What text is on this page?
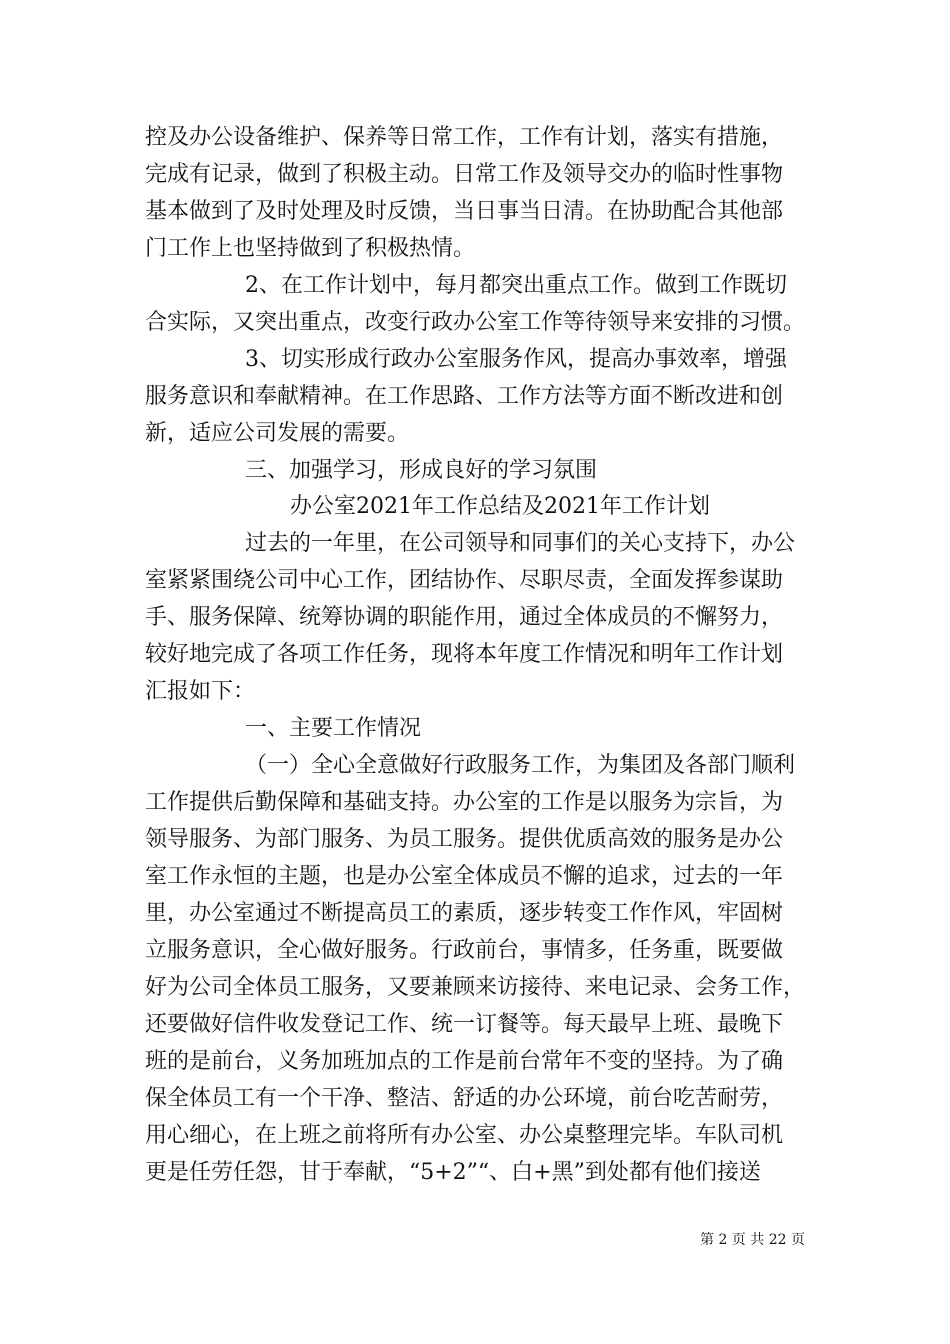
控及办公设备维护、保养等日常工作，工作有计划，落实有措施，
完成有记录，做到了积极主动。日常工作及领导交办的临时性事物
基本做到了及时处理及时反馈，当日事当日清。在协助配合其他部
门工作上也坚持做到了积极热情。
2、在工作计划中，每月都突出重点工作。做到工作既切
合实际，又突出重点，改变行政办公室工作等待领导来安排的习惯。
3、切实形成行政办公室服务作风，提高办事效率，增强
服务意识和奉献精神。在工作思路、工作方法等方面不断改进和创
新，适应公司发展的需要。
三、加强学习，形成良好的学习氛围
办公室2021年工作总结及2021年工作计划
过去的一年里，在公司领导和同事们的关心支持下，办公
室紧紧围绕公司中心工作，团结协作、尽职尽责，全面发挥参谋助
手、服务保障、统筹协调的职能作用，通过全体成员的不懈努力，
较好地完成了各项工作任务，现将本年度工作情况和明年工作计划
汇报如下：
一、主要工作情况
（一）全心全意做好行政服务工作，为集团及各部门顺利
工作提供后勤保障和基础支持。办公室的工作是以服务为宗旨，为
领导服务、为部门服务、为员工服务。提供优质高效的服务是办公
室工作永恒的主题，也是办公室全体成员不懈的追求，过去的一年
里，办公室通过不断提高员工的素质，逐步转变工作作风，牢固树
立服务意识，全心做好服务。行政前台，事情多，任务重，既要做
好为公司全体员工服务，又要兼顾来访接待、来电记录、会务工作，
还要做好信件收发登记工作、统一订餐等。每天最早上班、最晚下
班的是前台，义务加班加点的工作是前台常年不变的坚持。为了确
保全体员工有一个干净、整洁、舒适的办公环境，前台吃苦耐劳，
用心细心，在上班之前将所有办公室、办公桌整理完毕。车队司机
更是任劳任怨，甘于奉献，“5+2”“、白+黑”到处都有他们接送
第 2 页 共 22 页
